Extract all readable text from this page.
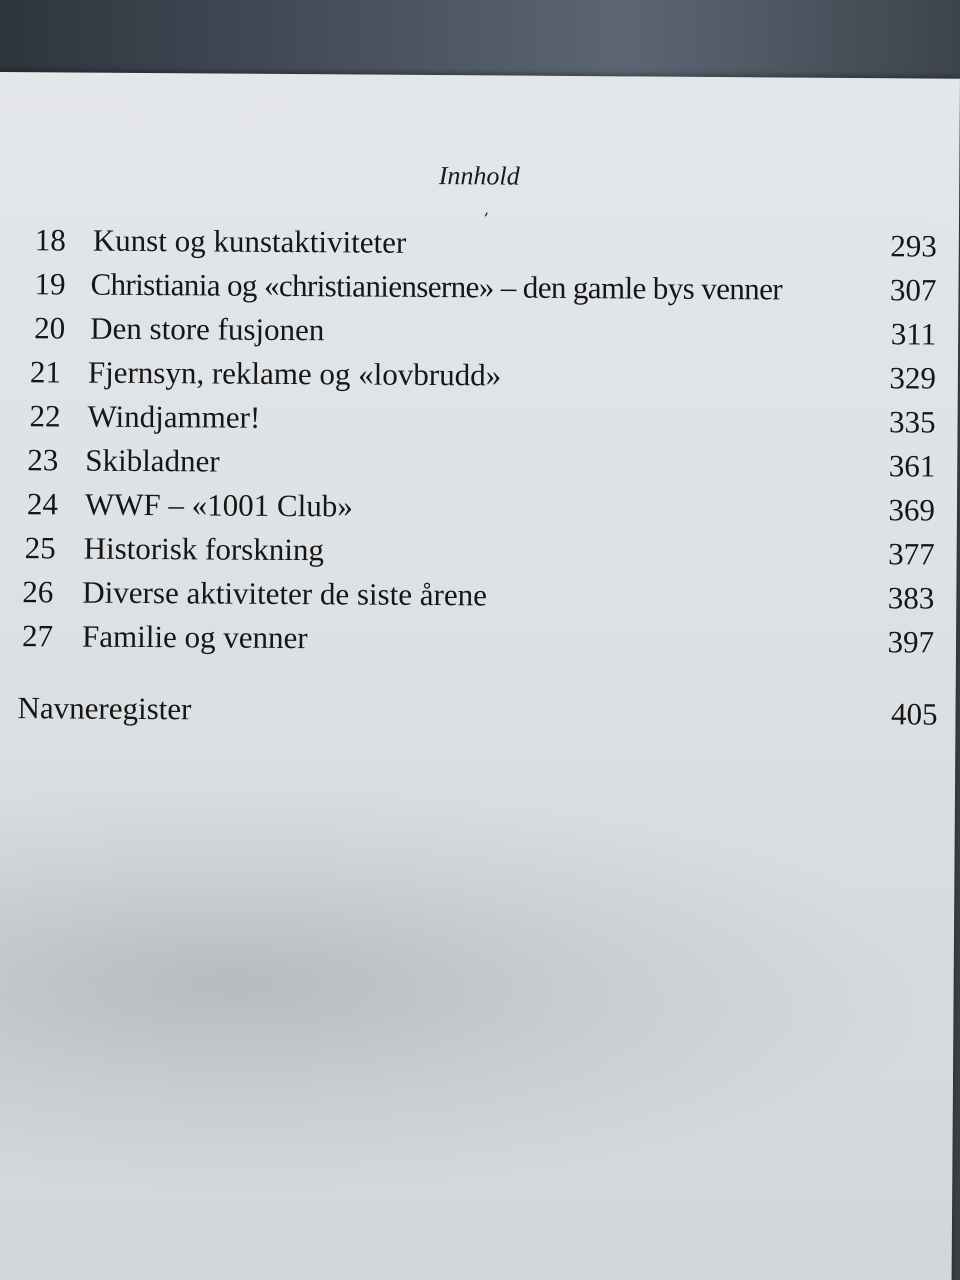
Innhold
,
18 Kunst og kunstaktiviteter	293
19 Christiania og «christianienserne» – den gamle bys venner	307
20 Den store fusjonen	311
21 Fjernsyn, reklame og «lovbrudd»	329
22 Windjammer!	335
23 Skibladner	361
24 WWF – «1001 Club»	369
25 Historisk forskning	377
26 Diverse aktiviteter de siste årene	383
27 Familie og venner	397
Navneregister	405
